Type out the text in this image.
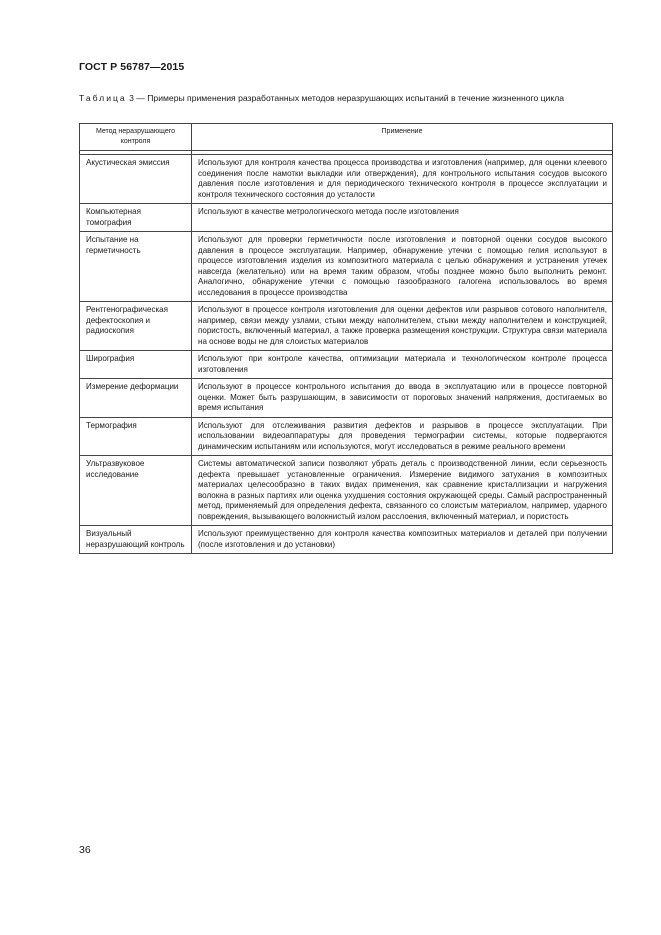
ГОСТ Р 56787—2015
Таблица 3 — Примеры применения разработанных методов неразрушающих испытаний в течение жизненного цикла
Метод неразрушающего контроля	Применение

Акустическая эмиссия	Используют для контроля качества процесса производства и изготовления (например, для оценки клеевого соединения после намотки выкладки или отверждения), для контрольного испытания сосудов высокого давления после изготовления и для периодического технического контроля в процессе эксплуатации и контроля технического состояния до усталости
Компьютерная томография	Используют в качестве метрологического метода после изготовления
Испытание на герметичность	Используют для проверки герметичности после изготовления и повторной оценки сосудов высокого давления в процессе эксплуатации. Например, обнаружение утечки с помощью гелия используют в процессе изготовления изделия из композитного материала с целью обнаружения и устранения утечек навсегда (желательно) или на время таким образом, чтобы позднее можно было выполнить ремонт. Аналогично, обнаружение утечки с помощью газообразного галогена использовалось во время исследования в процессе производства
Рентгенографическая дефектоскопия и радиоскопия	Используют в процессе контроля изготовления для оценки дефектов или разрывов сотового наполнителя, например, связи между узлами, стыки между наполнителем, стыки между наполнителем и конструкцией, пористость, включенный материал, а также проверка размещения конструкции. Структура связи материала на основе воды не для слоистых материалов
Ширография	Используют при контроле качества, оптимизации материала и технологическом контроле процесса изготовления
Измерение деформации	Используют в процессе контрольного испытания до ввода в эксплуатацию или в процессе повторной оценки. Может быть разрушающим, в зависимости от пороговых значений напряжения, достигаемых во время испытания
Термография	Используют для отслеживания развития дефектов и разрывов в процессе эксплуатации. При использовании видеоаппаратуры для проведения термографии системы, которые подвергаются динамическим испытаниям или используются, могут исследоваться в режиме реального времени
Ультразвуковое исследование	Системы автоматической записи позволяют убрать деталь с производственной линии, если серьезность дефекта превышает установленные ограничения. Измерение видимого затухания в композитных материалах целесообразно в таких видах применения, как сравнение кристаллизации и нагружения волокна в разных партиях или оценка ухудшения состояния окружающей среды. Самый распространенный метод, применяемый для определения дефекта, связанного со слоистым материалом, например, ударного повреждения, вызывающего волокнистый излом расслоения, включенный материал, и пористость
Визуальный неразрушающий контроль	Используют преимущественно для контроля качества композитных материалов и деталей при получении (после изготовления и до установки)
36
